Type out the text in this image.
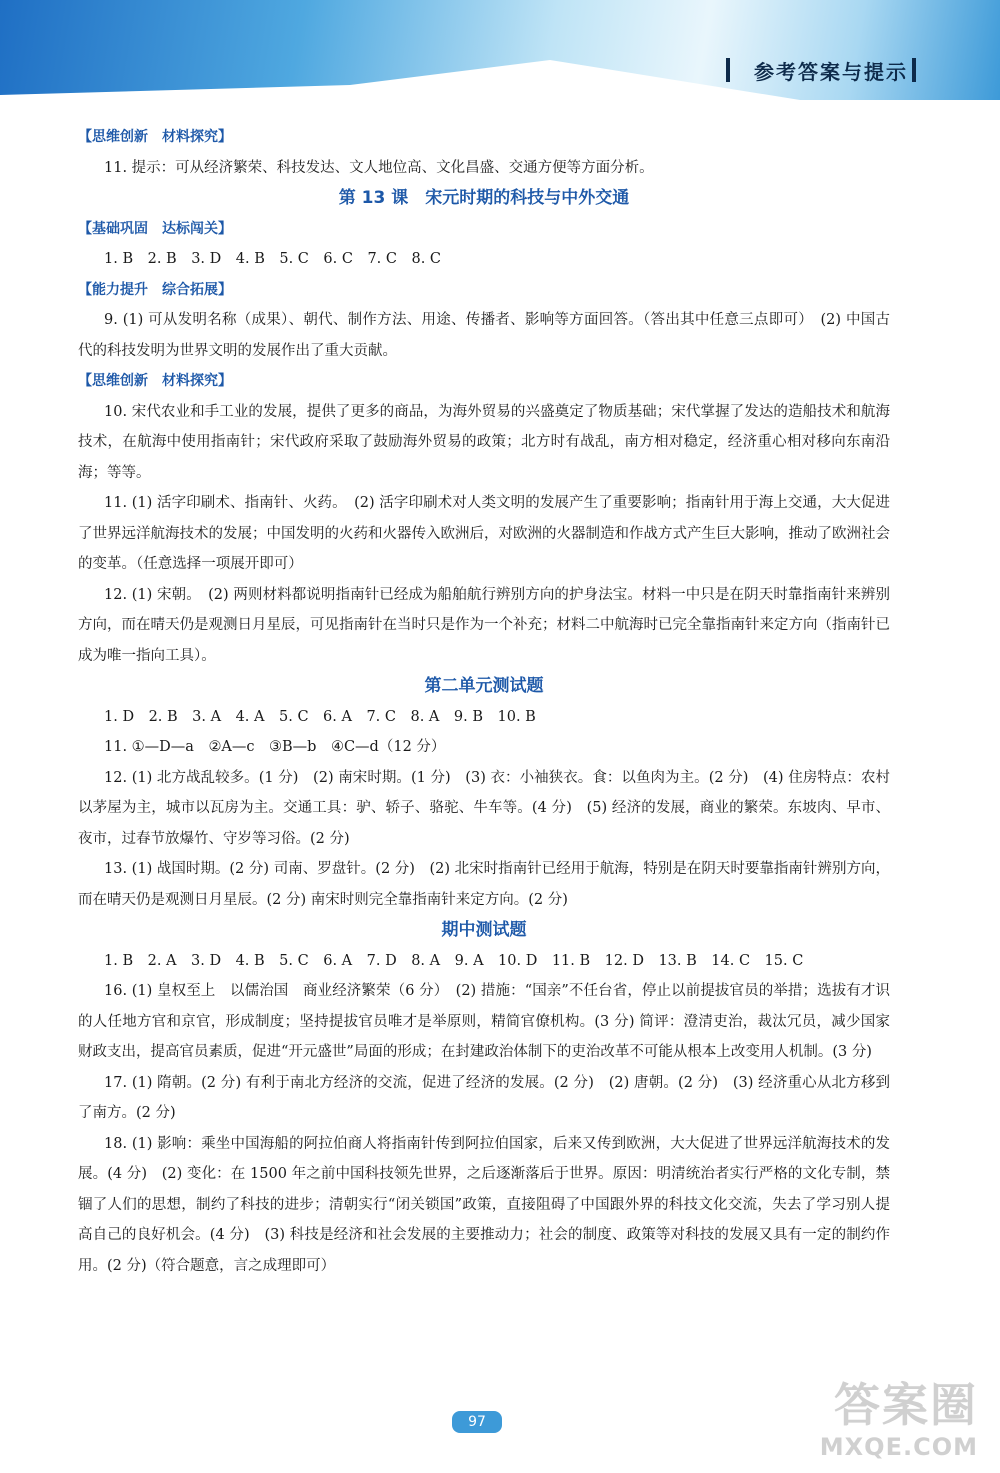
参考答案与提示
【思维创新　材料探究】
11. 提示：可从经济繁荣、科技发达、文人地位高、文化昌盛、交通方便等方面分析。
第 13 课　宋元时期的科技与中外交通
【基础巩固　达标闯关】
1. B　2. B　3. D　4. B　5. C　6. C　7. C　8. C
【能力提升　综合拓展】
9. (1) 可从发明名称（成果）、朝代、制作方法、用途、传播者、影响等方面回答。（答出其中任意三点即可）　(2) 中国古代的科技发明为世界文明的发展作出了重大贡献。
【思维创新　材料探究】
10. 宋代农业和手工业的发展，提供了更多的商品，为海外贸易的兴盛奠定了物质基础；宋代掌握了发达的造船技术和航海技术，在航海中使用指南针；宋代政府采取了鼓励海外贸易的政策；北方时有战乱，南方相对稳定，经济重心相对移向东南沿海；等等。
11. (1) 活字印刷术、指南针、火药。　(2) 活字印刷术对人类文明的发展产生了重要影响；指南针用于海上交通，大大促进了世界远洋航海技术的发展；中国发明的火药和火器传入欧洲后，对欧洲的火器制造和作战方式产生巨大影响，推动了欧洲社会的变革。（任意选择一项展开即可）
12. (1) 宋朝。　(2) 两则材料都说明指南针已经成为船舶航行辨别方向的护身法宝。材料一中只是在阴天时靠指南针来辨别方向，而在晴天仍是观测日月星辰，可见指南针在当时只是作为一个补充；材料二中航海时已完全靠指南针来定方向（指南针已成为唯一指向工具）。
第二单元测试题
1. D　2. B　3. A　4. A　5. C　6. A　7. C　8. A　9. B　10. B
11. ①—D—a　②A—c　③B—b　④C—d（12 分）
12. (1) 北方战乱较多。(1 分)　(2) 南宋时期。(1 分)　(3) 衣：小袖狭衣。食：以鱼肉为主。(2 分)　(4) 住房特点：农村以茅屋为主，城市以瓦房为主。交通工具：驴、轿子、骆驼、牛车等。(4 分)　(5) 经济的发展，商业的繁荣。东坡肉、早市、夜市，过春节放爆竹、守岁等习俗。(2 分)
13. (1) 战国时期。(2 分) 司南、罗盘针。(2 分)　(2) 北宋时指南针已经用于航海，特别是在阴天时要靠指南针辨别方向，而在晴天仍是观测日月星辰。(2 分) 南宋时则完全靠指南针来定方向。(2 分)
期中测试题
1. B　2. A　3. D　4. B　5. C　6. A　7. D　8. A　9. A　10. D　11. B　12. D　13. B　14. C　15. C
16. (1) 皇权至上　以儒治国　商业经济繁荣（6 分）　(2) 措施：“国亲”不任台省，停止以前提拔官员的举措；选拔有才识的人任地方官和京官，形成制度；坚持提拔官员唯才是举原则，精简官僚机构。(3 分) 简评：澄清吏治，裁汰冗员，减少国家财政支出，提高官员素质，促进“开元盛世”局面的形成；在封建政治体制下的吏治改革不可能从根本上改变用人机制。(3 分)
17. (1) 隋朝。(2 分) 有利于南北方经济的交流，促进了经济的发展。(2 分)　(2) 唐朝。(2 分)　(3) 经济重心从北方移到了南方。(2 分)
18. (1) 影响：乘坐中国海船的阿拉伯商人将指南针传到阿拉伯国家，后来又传到欧洲，大大促进了世界远洋航海技术的发展。(4 分)　(2) 变化：在 1500 年之前中国科技领先世界，之后逐渐落后于世界。原因：明清统治者实行严格的文化专制，禁锢了人们的思想，制约了科技的进步；清朝实行“闭关锁国”政策，直接阻碍了中国跟外界的科技文化交流，失去了学习别人提高自己的良好机会。(4 分)　(3) 科技是经济和社会发展的主要推动力；社会的制度、政策等对科技的发展又具有一定的制约作用。(2 分)（符合题意，言之成理即可）
97	答案圈
MXQE.COM
